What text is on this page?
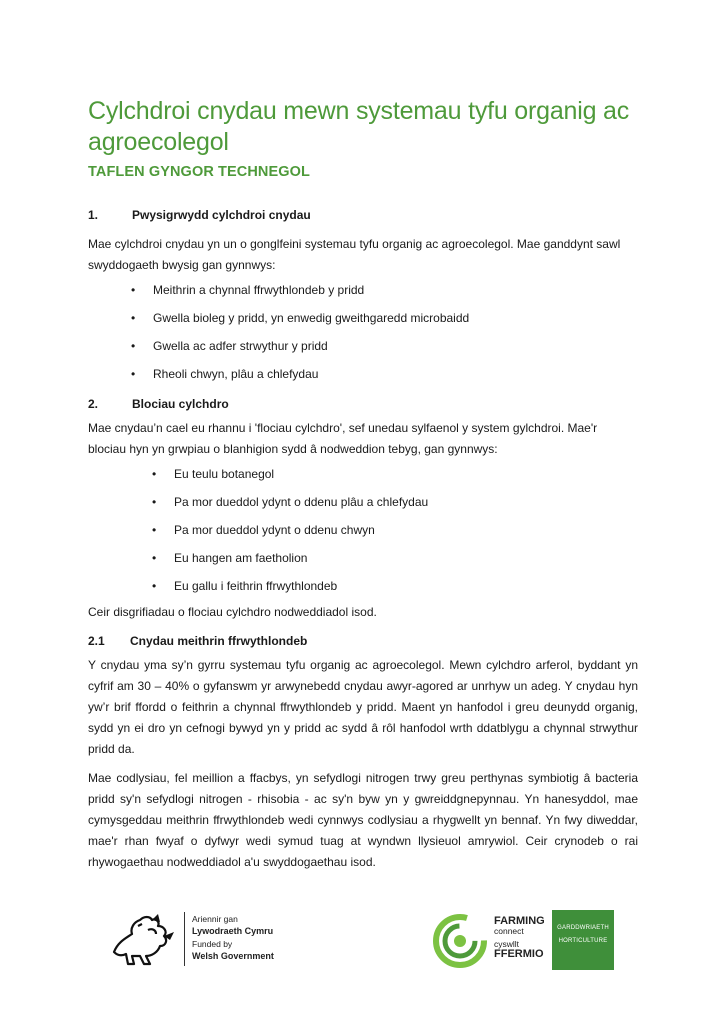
Cylchdroi cnydau mewn systemau tyfu organig ac agroecolegol
TAFLEN GYNGOR TECHNEGOL
1.	Pwysigrwydd cylchdroi cnydau

Mae cylchdroi cnydau yn un o gonglfeini systemau tyfu organig ac agroecolegol. Mae ganddynt sawl swyddogaeth bwysig gan gynnwys:

•	Meithrin a chynnal ffrwythlondeb y pridd
•	Gwella bioleg y pridd, yn enwedig gweithgaredd microbaidd
•	Gwella ac adfer strwythur y pridd
•	Rheoli chwyn, plâu a chlefydau
2.	Blociau cylchdro

Mae cnydau’n cael eu rhannu i 'flociau cylchdro', sef unedau sylfaenol y system gylchdroi. Mae'r blociau hyn yn grwpiau o blanhigion sydd â nodweddion tebyg, gan gynnwys:

•	Eu teulu botanegol
•	Pa mor dueddol ydynt o ddenu plâu a chlefydau
•	Pa mor dueddol ydynt o ddenu chwyn
•	Eu hangen am faetholion
•	Eu gallu i feithrin ffrwythlondeb

Ceir disgrifiadau o flociau cylchdro nodweddiadol isod.

2.1	Cnydau meithrin ffrwythlondeb

Y cnydau yma sy’n gyrru systemau tyfu organig ac agroecolegol. Mewn cylchdro arferol, byddant yn cyfrif am 30 – 40% o gyfanswm yr arwynebedd cnydau awyr-agored ar unrhyw un adeg. Y cnydau hyn yw’r brif ffordd o feithrin a chynnal ffrwythlondeb y pridd. Maent yn hanfodol i greu deunydd organig, sydd yn ei dro yn cefnogi bywyd yn y pridd ac sydd â rôl hanfodol wrth ddatblygu a chynnal strwythur pridd da.

Mae codlysiau, fel meillion a ffacbys, yn sefydlogi nitrogen trwy greu perthynas symbiotig â bacteria pridd sy'n sefydlogi nitrogen - rhisobia - ac sy'n byw yn y gwreiddgnepynnau. Yn hanesyddol, mae cymysgeddau meithrin ffrwythlondeb wedi cynnwys codlysiau a rhygwellt yn bennaf. Yn fwy diweddar, mae'r rhan fwyaf o dyfwyr wedi symud tuag at wyndwn llysieuol amrywiol. Ceir crynodeb o rai rhywogaethau nodweddiadol a'u swyddogaethau isod.

Ariennir gan
Lywodraeth Cymru
Funded by
Welsh Government
FARMING
connect
cyswllt
FFERMIO
GARDDWRIAETH
HORTICULTURE
